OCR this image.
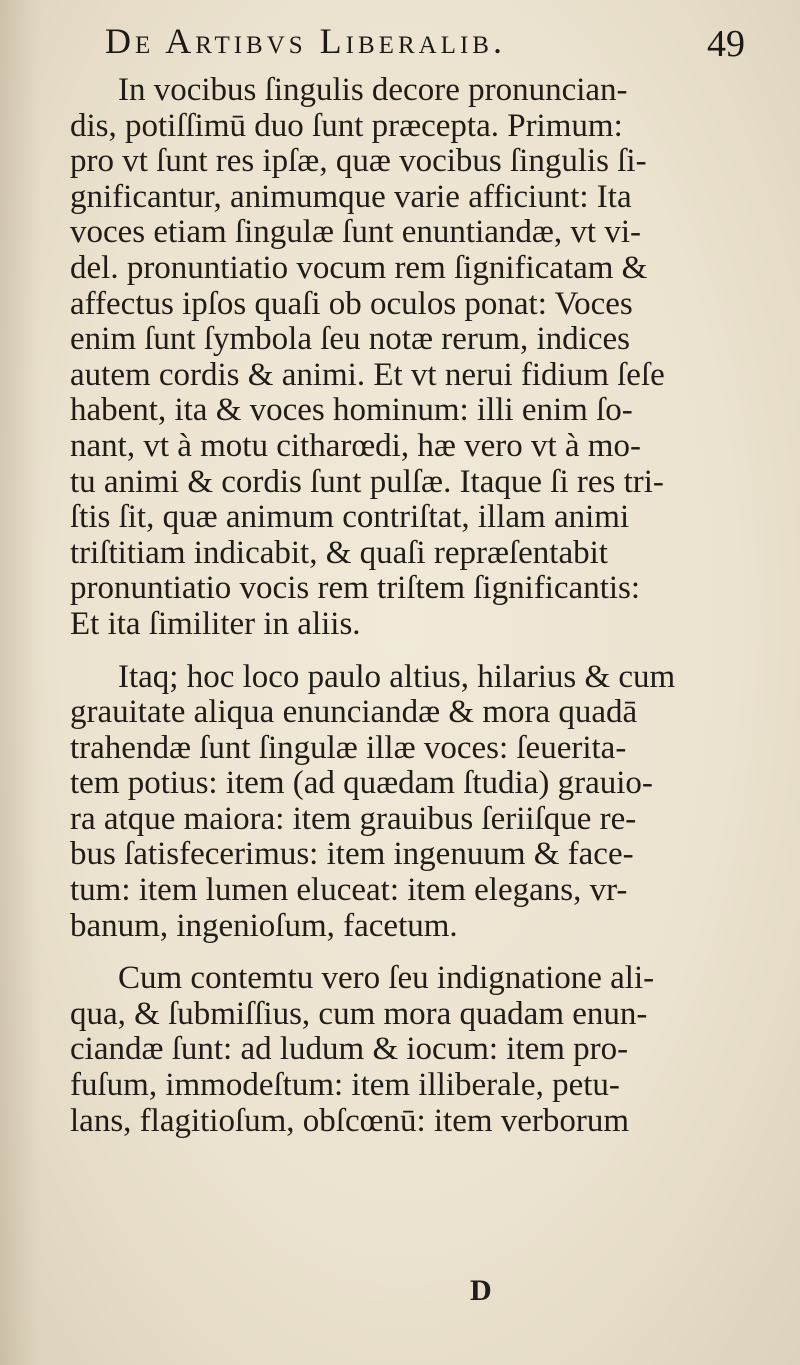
De Artibvs Liberalib.	49
In vocibus ſingulis decore pronuncian-
dis, potiſſimū duo ſunt præcepta. Primum:
pro vt ſunt res ipſæ, quæ vocibus ſingulis ſi-
gnificantur, animumque varie afficiunt: Ita
voces etiam ſingulæ ſunt enuntiandæ, vt vi-
del. pronuntiatio vocum rem ſignificatam &
affectus ipſos quaſi ob oculos ponat: Voces
enim ſunt ſymbola ſeu notæ rerum, indices
autem cordis & animi. Et vt nerui fidium ſeſe
habent, ita & voces hominum: illi enim ſo-
nant, vt à motu citharœdi, hæ vero vt à mo-
tu animi & cordis ſunt pulſæ. Itaque ſi res tri-
ſtis ſit, quæ animum contriſtat, illam animi
triſtitiam indicabit, & quaſi repræſentabit
pronuntiatio vocis rem triſtem ſignificantis:
Et ita ſimiliter in aliis.
Itaq; hoc loco paulo altius, hilarius & cum
grauitate aliqua enunciandæ & mora quadā
trahendæ ſunt ſingulæ illæ voces: ſeueritа-
tem potius: item (ad quædam ſtudia) grauio-
ra atque maiora: item grauibus ſeriiſque re-
bus ſatisfecerimus: item ingenuum & face-
tum: item lumen eluceat: item elegans, vr-
banum, ingenioſum, facetum.
Cum contemtu vero ſeu indignatione ali-
qua, & ſubmiſſius, cum mora quadam enun-
ciandæ ſunt: ad ludum & iocum: item pro-
fuſum, immodeſtum: item illiberale, petu-
lans, flagitioſum, obſcœnū: item verborum
D
